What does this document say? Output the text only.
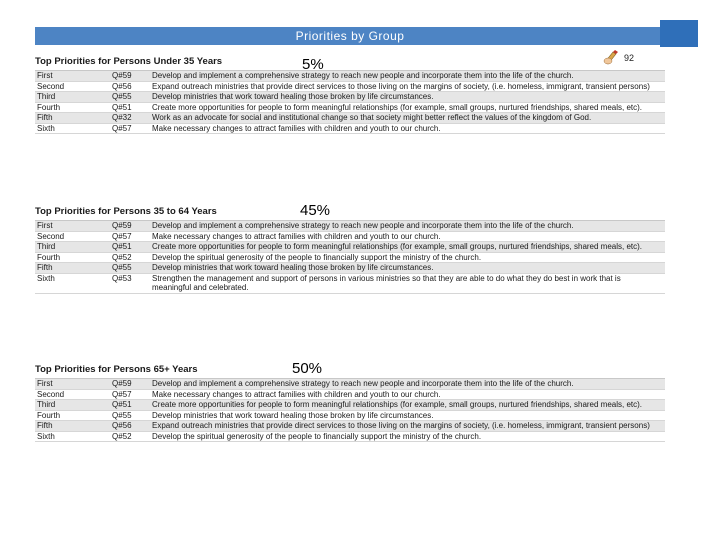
Priorities by Group
92
Top Priorities for Persons Under 35 Years	5%
First	Q#59	Develop and implement a comprehensive strategy to reach new people and incorporate them into the life of the church.
Second	Q#56	Expand outreach ministries that provide direct services to those living on the margins of society, (i.e. homeless, immigrant, transient persons)
Third	Q#55	Develop ministries that work toward healing those broken by life circumstances.
Fourth	Q#51	Create more opportunities for people to form meaningful relationships (for example, small groups, nurtured friendships, shared meals, etc).
Fifth	Q#32	Work as an advocate for social and institutional change so that society might better reflect the values of the kingdom of God.
Sixth	Q#57	Make necessary changes to attract families with children and youth to our church.
Top Priorities for Persons 35 to 64 Years	45%
First	Q#59	Develop and implement a comprehensive strategy to reach new people and incorporate them into the life of the church.
Second	Q#57	Make necessary changes to attract families with children and youth to our church.
Third	Q#51	Create more opportunities for people to form meaningful relationships (for example, small groups, nurtured friendships, shared meals, etc).
Fourth	Q#52	Develop the spiritual generosity of the people to financially support the ministry of the church.
Fifth	Q#55	Develop ministries that work toward healing those broken by life circumstances.
Sixth	Q#53	Strengthen the management and support of persons in various ministries so that they are able to do what they do best in work that is meaningful and celebrated.
Top Priorities for Persons 65+ Years	50%
First	Q#59	Develop and implement a comprehensive strategy to reach new people and incorporate them into the life of the church.
Second	Q#57	Make necessary changes to attract families with children and youth to our church.
Third	Q#51	Create more opportunities for people to form meaningful relationships (for example, small groups, nurtured friendships, shared meals, etc).
Fourth	Q#55	Develop ministries that work toward healing those broken by life circumstances.
Fifth	Q#56	Expand outreach ministries that provide direct services to those living on the margins of society, (i.e. homeless, immigrant, transient persons)
Sixth	Q#52	Develop the spiritual generosity of the people to financially support the ministry of the church.
